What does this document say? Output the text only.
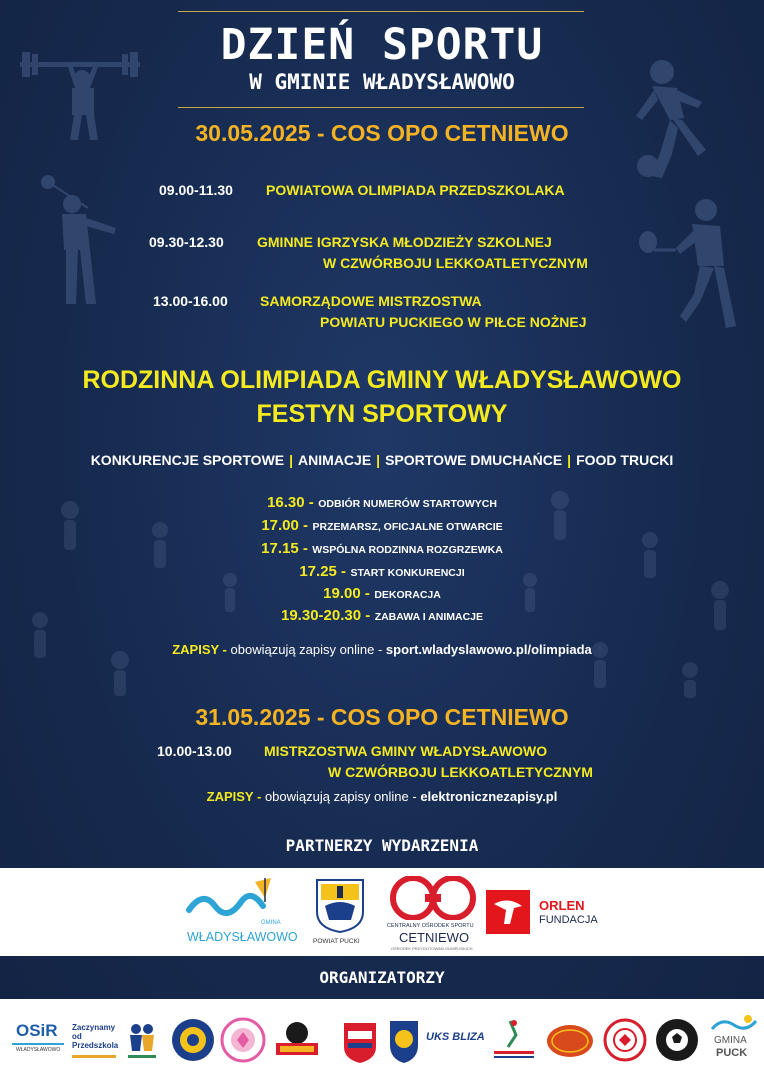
DZIEŃ SPORTU
W GMINIE WŁADYSŁAWOWO
30.05.2025 - COS OPO CETNIEWO
09.00-11.30 POWIATOWA OLIMPIADA PRZEDSZKOLAKA
09.30-12.30 GMINNE IGRZYSKA MŁODZIEŻY SZKOLNEJ
W CZWÓRBOJU LEKKOATLETYCZNYM
13.00-16.00 SAMORZĄDOWE MISTRZOSTWA
POWIATU PUCKIEGO W PIŁCE NOŻNEJ
RODZINNA OLIMPIADA GMINY WŁADYSŁAWOWO
FESTYN SPORTOWY
KONKURENCJE SPORTOWE | ANIMACJE | SPORTOWE DMUCHAŃCE | FOOD TRUCKI
16.30 - ODBIÓR NUMERÓW STARTOWYCH
17.00 - PRZEMARSZ, OFICJALNE OTWARCIE
17.15 - WSPÓLNA RODZINNA ROZGRZEWKA
17.25 - START KONKURENCJI
19.00 - DEKORACJA
19.30-20.30 - ZABAWA I ANIMACJE
ZAPISY - obowiązują zapisy online - sport.wladyslawowo.pl/olimpiada
31.05.2025 - COS OPO CETNIEWO
10.00-13.00 MISTRZOSTWA GMINY WŁADYSŁAWOWO
W CZWÓRBOJU LEKKOATLETYCZNYM
ZAPISY - obowiązują zapisy online - elektronicznezapisy.pl
PARTNERZY WYDARZENIA
GMINA
WŁADYSŁAWOWO POWIAT PUCKI
CENTRALNY OŚRODEK SPORTU
CETNIEWO
OŚRODEK PRZYGOTOWAŃ OLIMPIJSKICH
ORLEN
FUNDACJA
ORGANIZATORZY
OSiR
WŁADYSŁAWOWO
Zaczynamy od Przedszkola
UKS BLIZA	GMINA
PUCK
